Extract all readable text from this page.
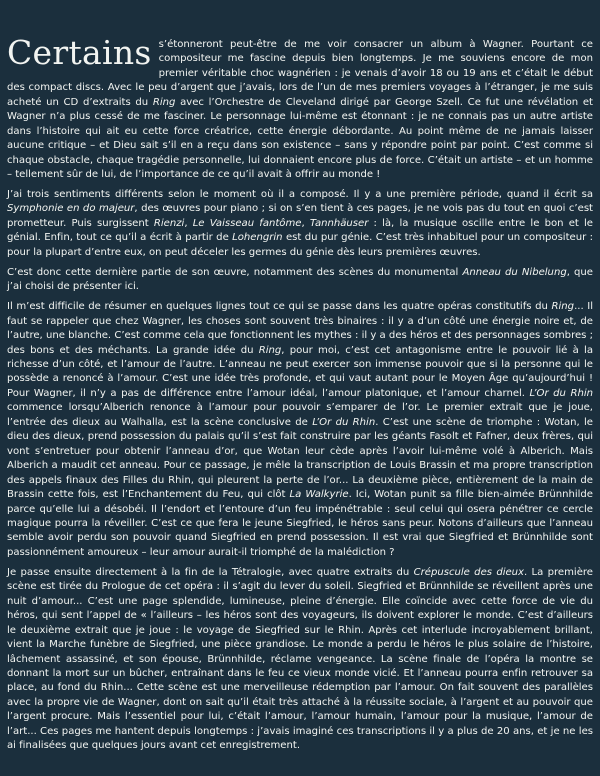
Certains s’étonneront peut-être de me voir consacrer un album à Wagner. Pourtant ce compositeur me fascine depuis bien longtemps. Je me souviens encore de mon premier véritable choc wagnérien : je venais d’avoir 18 ou 19 ans et c’était le début des compact discs. Avec le peu d’argent que j’avais, lors de l’un de mes premiers voyages à l’étranger, je me suis acheté un CD d’extraits du Ring avec l’Orchestre de Cleveland dirigé par George Szell. Ce fut une révélation et Wagner n’a plus cessé de me fasciner. Le personnage lui-même est étonnant : je ne connais pas un autre artiste dans l’histoire qui ait eu cette force créatrice, cette énergie débordante. Au point même de ne jamais laisser aucune critique – et Dieu sait s’il en a reçu dans son existence – sans y répondre point par point. C’est comme si chaque obstacle, chaque tragédie personnelle, lui donnaient encore plus de force. C’était un artiste – et un homme – tellement sûr de lui, de l’importance de ce qu’il avait à offrir au monde !

J’ai trois sentiments différents selon le moment où il a composé. Il y a une première période, quand il écrit sa Symphonie en do majeur, des œuvres pour piano ; si on s’en tient à ces pages, je ne vois pas du tout en quoi c’est prometteur. Puis surgissent Rienzi, Le Vaisseau fantôme, Tannhäuser : là, la musique oscille entre le bon et le génial. Enfin, tout ce qu’il a écrit à partir de Lohengrin est du pur génie. C’est très inhabituel pour un compositeur : pour la plupart d’entre eux, on peut déceler les germes du génie dès leurs premières œuvres.

C’est donc cette dernière partie de son œuvre, notamment des scènes du monumental Anneau du Nibelung, que j’ai choisi de présenter ici.

Il m’est difficile de résumer en quelques lignes tout ce qui se passe dans les quatre opéras constitutifs du Ring... Il faut se rappeler que chez Wagner, les choses sont souvent très binaires : il y a d’un côté une énergie noire et, de l’autre, une blanche. C’est comme cela que fonctionnent les mythes : il y a des héros et des personnages sombres ; des bons et des méchants. La grande idée du Ring, pour moi, c’est cet antagonisme entre le pouvoir lié à la richesse d’un côté, et l’amour de l’autre. L’anneau ne peut exercer son immense pouvoir que si la personne qui le possède a renoncé à l’amour. C’est une idée très profonde, et qui vaut autant pour le Moyen Âge qu’aujourd’hui ! Pour Wagner, il n’y a pas de différence entre l’amour idéal, l’amour platonique, et l’amour charnel. L’Or du Rhin commence lorsqu’Alberich renonce à l’amour pour pouvoir s’emparer de l’or. Le premier extrait que je joue, l’entrée des dieux au Walhalla, est la scène conclusive de L’Or du Rhin. C’est une scène de triomphe : Wotan, le dieu des dieux, prend possession du palais qu’il s’est fait construire par les géants Fasolt et Fafner, deux frères, qui vont s’entretuer pour obtenir l’anneau d’or, que Wotan leur cède après l’avoir lui-même volé à Alberich. Mais Alberich a maudit cet anneau. Pour ce passage, je mêle la transcription de Louis Brassin et ma propre transcription des appels finaux des Filles du Rhin, qui pleurent la perte de l’or... La deuxième pièce, entièrement de la main de Brassin cette fois, est l’Enchantement du Feu, qui clôt La Walkyrie. Ici, Wotan punit sa fille bien-aimée Brünnhilde parce qu’elle lui a désobéi. Il l’endort et l’entoure d’un feu impénétrable : seul celui qui osera pénétrer ce cercle magique pourra la réveiller. C’est ce que fera le jeune Siegfried, le héros sans peur. Notons d’ailleurs que l’anneau semble avoir perdu son pouvoir quand Siegfried en prend possession. Il est vrai que Siegfried et Brünnhilde sont passionnément amoureux – leur amour aurait-il triomphé de la malédiction ?

Je passe ensuite directement à la fin de la Tétralogie, avec quatre extraits du Crépuscule des dieux. La première scène est tirée du Prologue de cet opéra : il s’agit du lever du soleil. Siegfried et Brünnhilde se réveillent après une nuit d’amour... C’est une page splendide, lumineuse, pleine d’énergie. Elle coïncide avec cette force de vie du héros, qui sent l’appel de « l’ailleurs – les héros sont des voyageurs, ils doivent explorer le monde. C’est d’ailleurs le deuxième extrait que je joue : le voyage de Siegfried sur le Rhin. Après cet interlude incroyablement brillant, vient la Marche funèbre de Siegfried, une pièce grandiose. Le monde a perdu le héros le plus solaire de l’histoire, lâchement assassiné, et son épouse, Brünnhilde, réclame vengeance. La scène finale de l’opéra la montre se donnant la mort sur un bûcher, entraînant dans le feu ce vieux monde vicié. Et l’anneau pourra enfin retrouver sa place, au fond du Rhin... Cette scène est une merveilleuse rédemption par l’amour. On fait souvent des parallèles avec la propre vie de Wagner, dont on sait qu’il était très attaché à la réussite sociale, à l’argent et au pouvoir que l’argent procure. Mais l’essentiel pour lui, c’était l’amour, l’amour humain, l’amour pour la musique, l’amour de l’art... Ces pages me hantent depuis longtemps : j’avais imaginé ces transcriptions il y a plus de 20 ans, et je ne les ai finalisées que quelques jours avant cet enregistrement.
